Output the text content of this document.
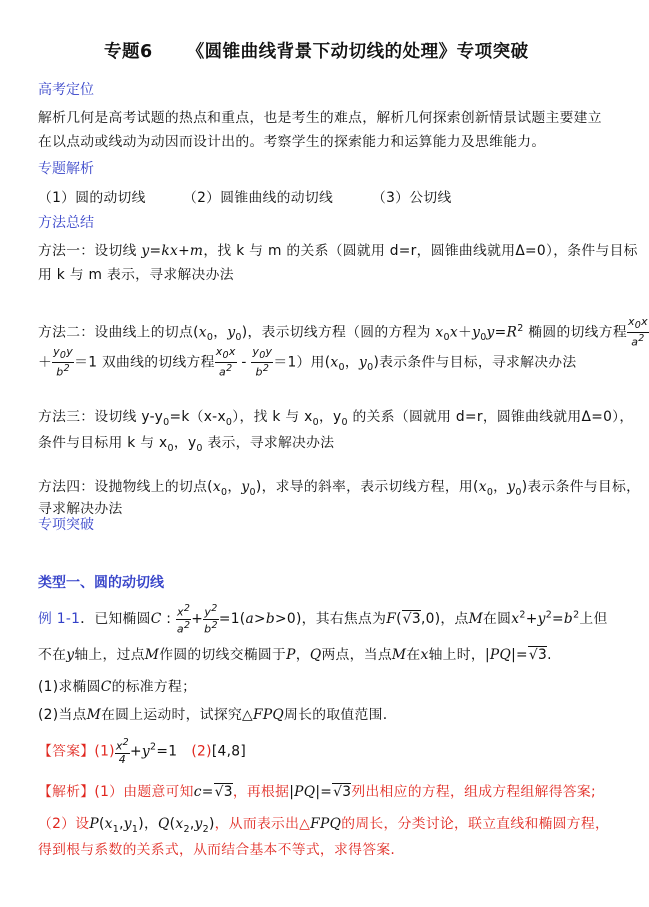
专题6 《圆锥曲线背景下动切线的处理》专项突破
高考定位
解析几何是高考试题的热点和重点，也是考生的难点，解析几何探索创新情景试题主要建立
在以点动或线动为动因而设计出的。考察学生的探索能力和运算能力及思维能力。
专题解析
（1）圆的动切线	（2）圆锥曲线的动切线	（3）公切线
方法总结
方法一：设切线 y=kx+m，找 k 与 m 的关系（圆就用 d=r，圆锥曲线就用Δ=0），条件与目标
用 k 与 m 表示，寻求解决办法
方法二：设曲线上的切点($x_0$，$y_0$)，表示切线方程（圆的方程为 $x_0x+y_0y=R^2$ 椭圆的切线方程 $\frac{x_0x}{a^2}$
＋ $\frac{y_0y}{b^2} =1$ 双曲线的切线方程 $\frac{x_0x}{a^2} - \frac{y_0y}{b^2} =1$）用($x_0$，$y_0$)表示条件与目标，寻求解决办法
方法三：设切线 $y-y_0=k(x-x_0)$，找 k 与 $x_0$，$y_0$ 的关系（圆就用 d=r，圆锥曲线就用Δ=0），
条件与目标用 k 与 $x_0$，$y_0$ 表示，寻求解决办法
方法四：设抛物线上的切点($x_0$，$y_0$)，求导的斜率，表示切线方程，用($x_0$，$y_0$)表示条件与目标，
寻求解决办法
专项突破
类型一、圆的动切线
例 1-1．已知椭圆C : $\frac{x^2}{a^2} + \frac{y^2}{b^2} =1(a>b>0)$，其右焦点为F(√3,0)，点M在圆$x^2+y^2=b^2$上但
不在y轴上，过点M作圆的切线交椭圆于P，Q两点，当点M在x轴上时，|PQ|=√3.
(1)求椭圆C的标准方程；
(2)当点M在圆上运动时，试探究△FPQ周长的取值范围.
【答案】$(1) \frac{x^2}{4} +y^2=1$   (2)[4,8]
【解析】(1）由题意可知c=√3，再根据|PQ|=√3列出相应的方程，组成方程组解得答案;
（2）设$P(x_1,y_1)$，$Q(x_2,y_2)$，从而表示出△FPQ的周长，分类讨论，联立直线和椭圆方程，
得到根与系数的关系式，从而结合基本不等式，求得答案.
